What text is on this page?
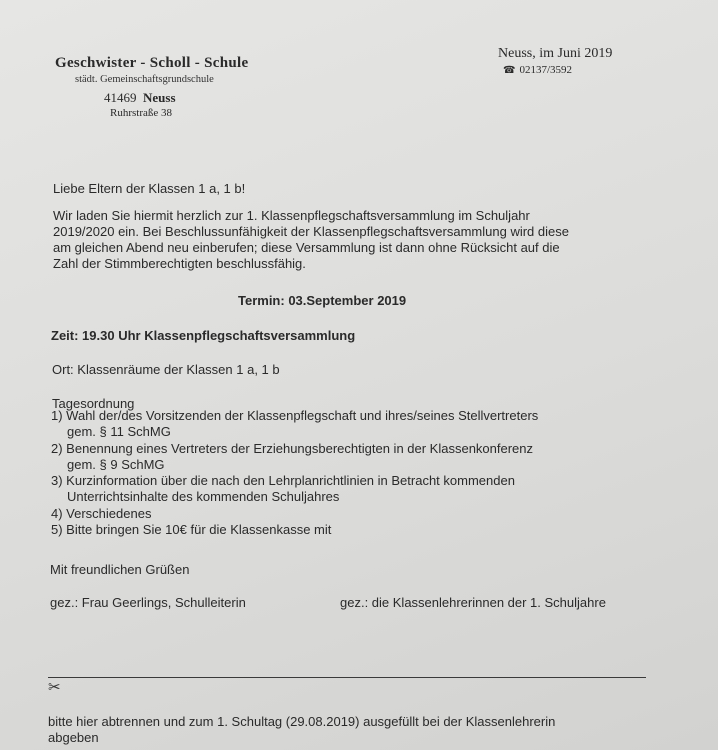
Geschwister - Scholl - Schule
städt. Gemeinschaftsgrundschule
41469 Neuss
Ruhrstraße 38
Neuss, im Juni 2019
☎ 02137/3592
Liebe Eltern der Klassen 1 a, 1 b!
Wir laden Sie hiermit herzlich zur 1. Klassenpflegschaftsversammlung im Schuljahr
2019/2020 ein. Bei Beschlussunfähigkeit der Klassenpflegschaftsversammlung wird diese
am gleichen Abend neu einberufen; diese Versammlung ist dann ohne Rücksicht auf die
Zahl der Stimmberechtigten beschlussfähig.
Termin: 03.September 2019
Zeit: 19.30 Uhr Klassenpflegschaftsversammlung
Ort: Klassenräume der Klassen 1 a, 1 b
Tagesordnung
1) Wahl der/des Vorsitzenden der Klassenpflegschaft und ihres/seines Stellvertreters
gem. § 11 SchMG
2) Benennung eines Vertreters der Erziehungsberechtigten in der Klassenkonferenz
gem. § 9 SchMG
3) Kurzinformation über die nach den Lehrplanrichtlinien in Betracht kommenden
Unterrichtsinhalte des kommenden Schuljahres
4) Verschiedenes
5) Bitte bringen Sie 10€ für die Klassenkasse mit
Mit freundlichen Grüßen
gez.: Frau Geerlings, Schulleiterin	gez.: die Klassenlehrerinnen der 1. Schuljahre
✂
bitte hier abtrennen und zum 1. Schultag (29.08.2019) ausgefüllt bei der Klassenlehrerin
abgeben
